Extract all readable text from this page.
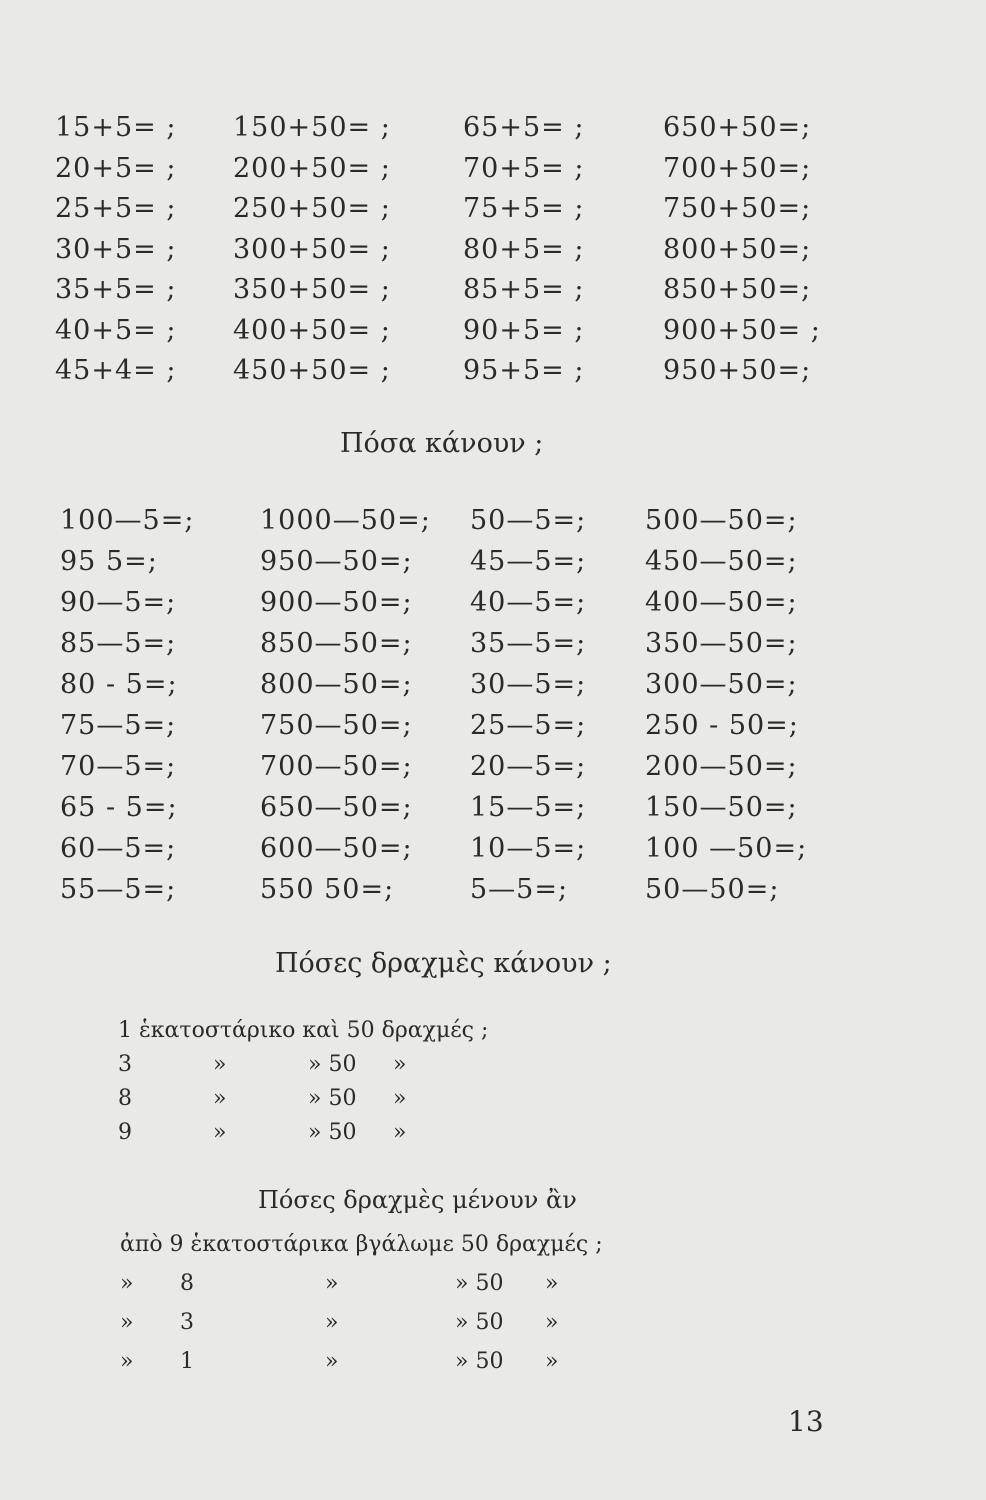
15+5= ;	150+50= ;	65+5= ;	650+50=;
20+5= ;	200+50= ;	70+5= ;	700+50=;
25+5= ;	250+50= ;	75+5= ;	750+50=;
30+5= ;	300+50= ;	80+5= ;	800+50=;
35+5= ;	350+50= ;	85+5= ;	850+50=;
40+5= ;	400+50= ;	90+5= ;	900+50= ;
45+4= ;	450+50= ;	95+5= ;	950+50=;
Πόσα κάνουν ;
100—5=;	1000—50=;	50—5=;	500—50=;
95 5=;	950—50=;	45—5=;	450—50=;
90—5=;	900—50=;	40—5=;	400—50=;
85—5=;	850—50=;	35—5=;	350—50=;
80 - 5=;	800—50=;	30—5=;	300—50=;
75—5=;	750—50=;	25—5=;	250 - 50=;
70—5=;	700—50=;	20—5=;	200—50=;
65 - 5=;	650—50=;	15—5=;	150—50=;
60—5=;	600—50=;	10—5=;	100 —50=;
55—5=;	550 50=;	5—5=;	50—50=;
Πόσες δραχμὲς κάνουν ;
1 ἑκατοστάρικο καὶ 50 δραχμές ;
3	»	» 50	»
8	»	» 50	»
9	»	» 50	»
Πόσες δραχμὲς μένουν ἂν
ἀπὸ 9 ἑκατοστάρικα βγάλωμε 50 δραχμές ;
»	8	»	» 50	»
»	3	»	» 50	»
»	1	»	» 50	»
13
